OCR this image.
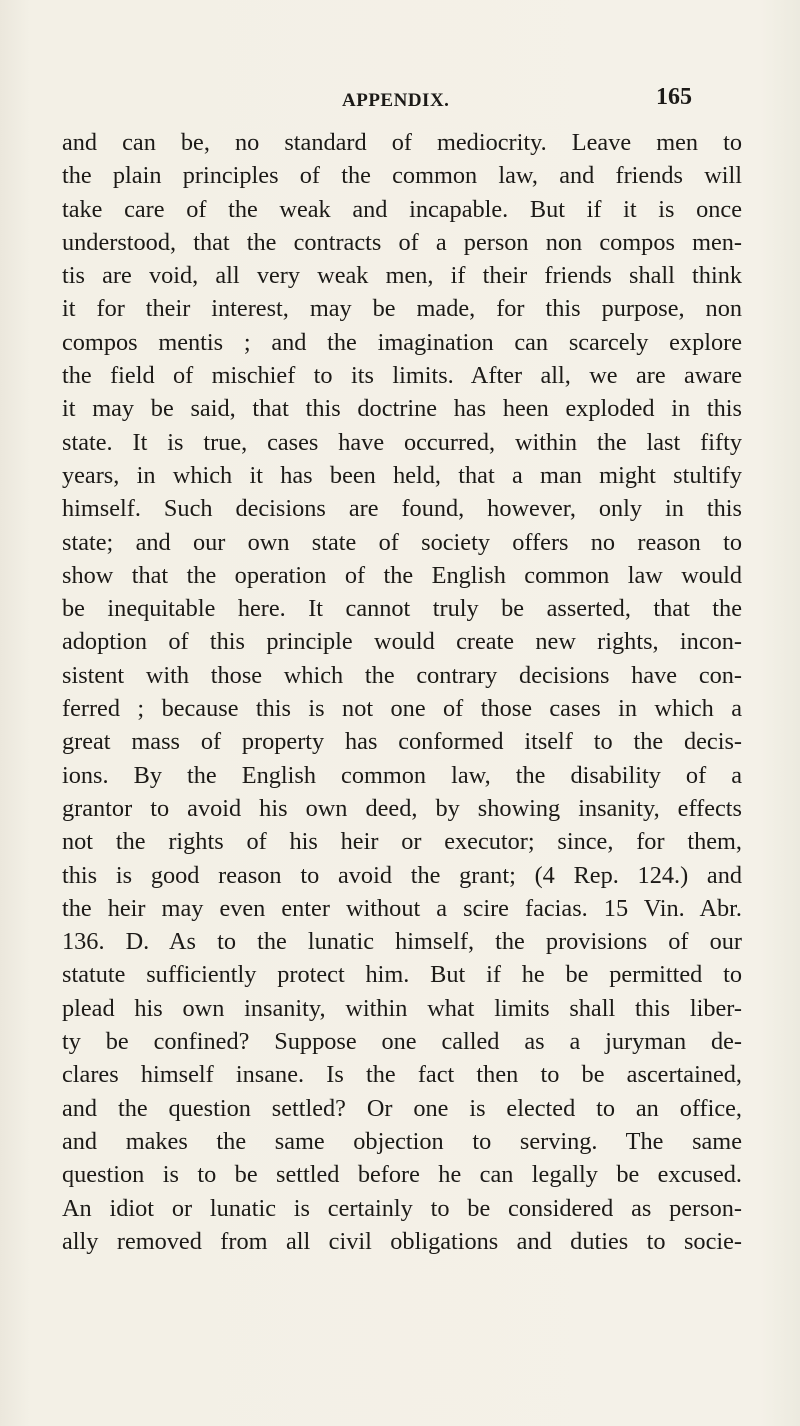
APPENDIX.	165
and can be, no standard of mediocrity. Leave men to
the plain principles of the common law, and friends will
take care of the weak and incapable. But if it is once
understood, that the contracts of a person non compos men-
tis are void, all very weak men, if their friends shall think
it for their interest, may be made, for this purpose, non
compos mentis ; and the imagination can scarcely explore
the field of mischief to its limits. After all, we are aware
it may be said, that this doctrine has heen exploded in this
state. It is true, cases have occurred, within the last fifty
years, in which it has been held, that a man might stultify
himself. Such decisions are found, however, only in this
state; and our own state of society offers no reason to
show that the operation of the English common law would
be inequitable here. It cannot truly be asserted, that the
adoption of this principle would create new rights, incon-
sistent with those which the contrary decisions have con-
ferred ; because this is not one of those cases in which a
great mass of property has conformed itself to the decis-
ions. By the English common law, the disability of a
grantor to avoid his own deed, by showing insanity, effects
not the rights of his heir or executor; since, for them,
this is good reason to avoid the grant; (4 Rep. 124.) and
the heir may even enter without a scire facias. 15 Vin. Abr.
136. D. As to the lunatic himself, the provisions of our
statute sufficiently protect him. But if he be permitted to
plead his own insanity, within what limits shall this liber-
ty be confined? Suppose one called as a juryman de-
clares himself insane. Is the fact then to be ascertained,
and the question settled? Or one is elected to an office,
and makes the same objection to serving. The same
question is to be settled before he can legally be excused.
An idiot or lunatic is certainly to be considered as person-
ally removed from all civil obligations and duties to socie-
